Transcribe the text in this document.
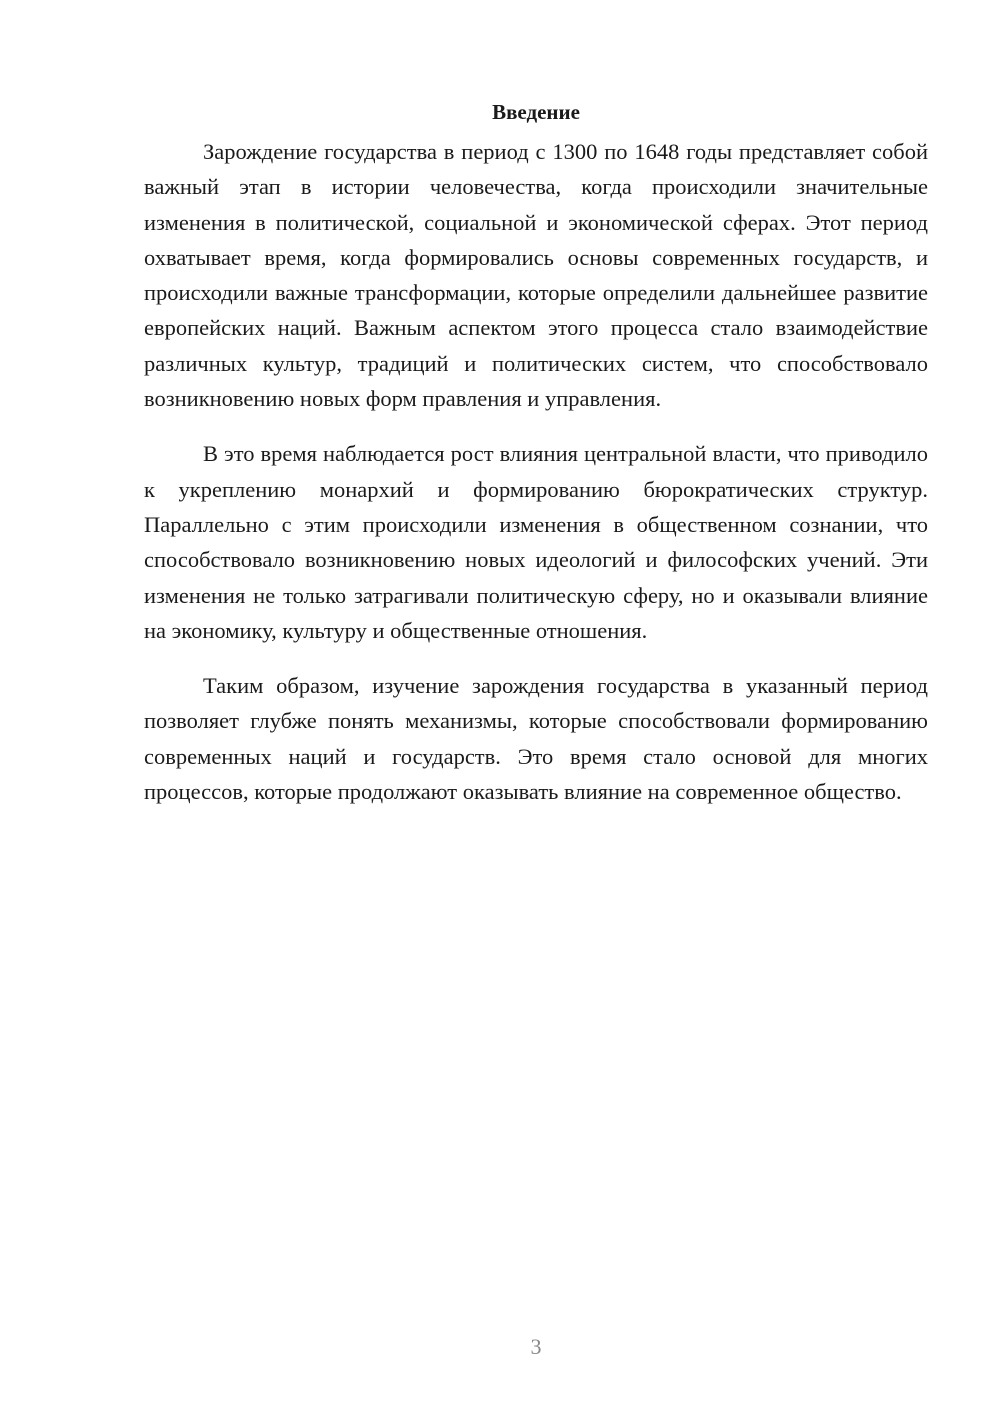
Введение

Зарождение государства в период с 1300 по 1648 годы представляет собой важный этап в истории человечества, когда происходили значительные изменения в политической, социальной и экономической сферах. Этот период охватывает время, когда формировались основы современных государств, и происходили важные трансформации, которые определили дальнейшее развитие европейских наций. Важным аспектом этого процесса стало взаимодействие различных культур, традиций и политических систем, что способствовало возникновению новых форм правления и управления.

В это время наблюдается рост влияния центральной власти, что приводило к укреплению монархий и формированию бюрократических структур. Параллельно с этим происходили изменения в общественном сознании, что способствовало возникновению новых идеологий и философских учений. Эти изменения не только затрагивали политическую сферу, но и оказывали влияние на экономику, культуру и общественные отношения.

Таким образом, изучение зарождения государства в указанный период позволяет глубже понять механизмы, которые способствовали формированию современных наций и государств. Это время стало основой для многих процессов, которые продолжают оказывать влияние на современное общество.

3
